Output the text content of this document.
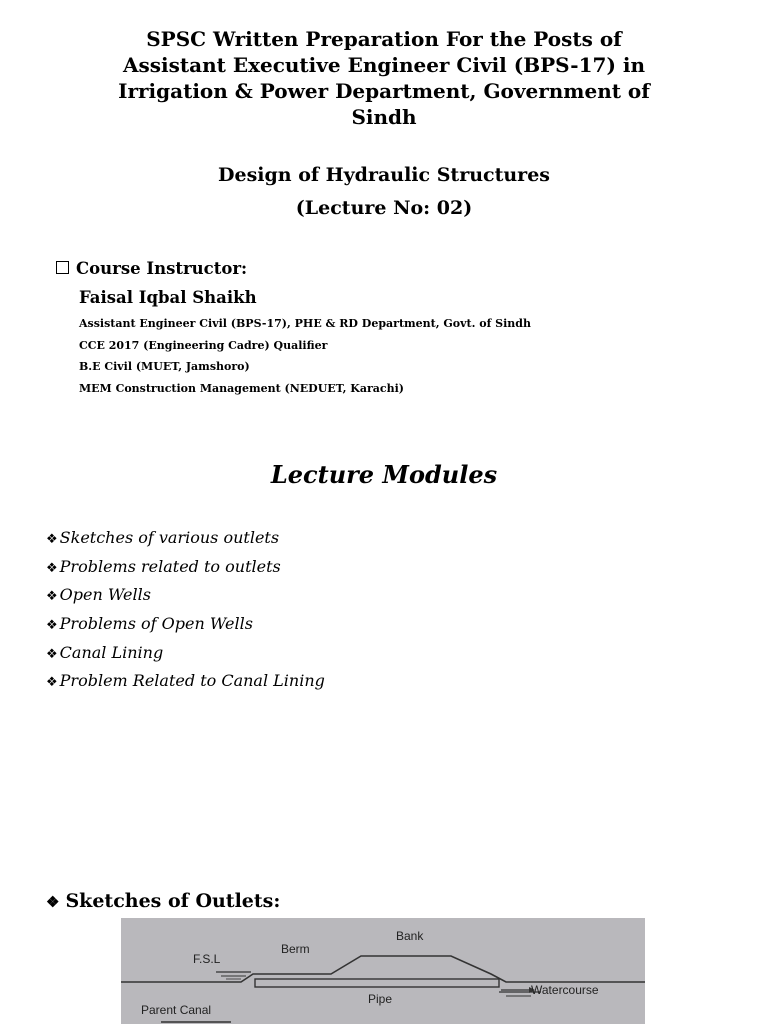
SPSC Written Preparation For the Posts of Assistant Executive Engineer Civil (BPS-17) in Irrigation & Power Department, Government of Sindh
Design of Hydraulic Structures
(Lecture No: 02)
Course Instructor:
Faisal Iqbal Shaikh
Assistant Engineer Civil (BPS-17), PHE & RD Department, Govt. of Sindh
CCE 2017 (Engineering Cadre) Qualifier
B.E Civil (MUET, Jamshoro)
MEM Construction Management (NEDUET, Karachi)
Lecture Modules
❖ Sketches of various outlets
❖ Problems related to outlets
❖ Open Wells
❖ Problems of Open Wells
❖ Canal Lining
❖ Problem Related to Canal Lining
❖ Sketches of Outlets:
F.S.L
Berm
Bank
Pipe
Watercourse
Parent Canal
